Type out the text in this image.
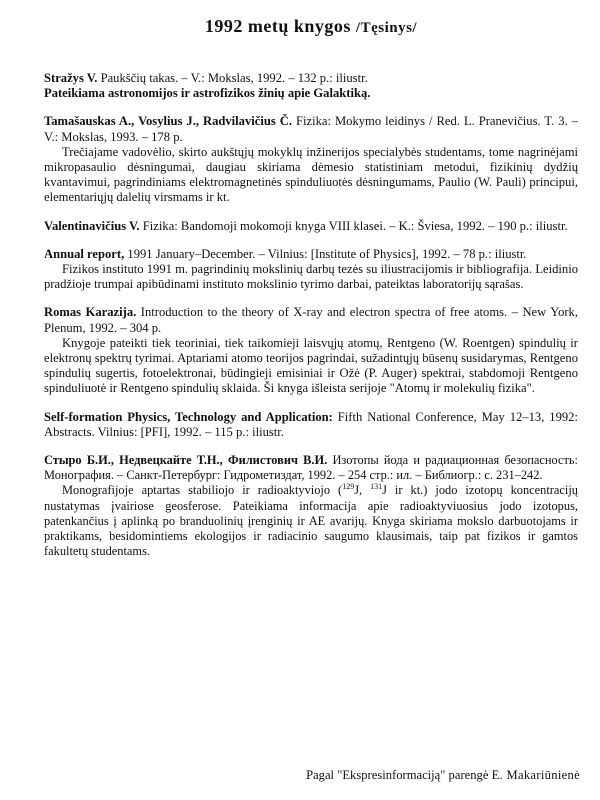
1992 metų knygos /Tęsinys/

Stražys V. Paukščių takas. – V.: Mokslas, 1992. – 132 p.: iliustr.

Pateikiama astronomijos ir astrofizikos žinių apie Galaktiką.

Tamašauskas A., Vosylius J., Radvilavičius Č. Fizika: Mokymo leidinys / Red. L. Pranevičius. T. 3. – V.: Mokslas, 1993. – 178 p.

Trečiajame vadovėlio, skirto aukštųjų mokyklų inžinerijos specialybės studentams, tome nagrinėjami mikropasaulio dėsningumai, daugiau skiriama dėmesio statistiniam metodui, fizikinių dydžių kvantavimui, pagrindiniams elektromagnetinės spinduliuotės dėsningumams, Paulio (W. Pauli) principui, elementariųjų dalelių virsmams ir kt.

Valentinavičius V. Fizika: Bandomoji mokomoji knyga VIII klasei. – K.: Šviesa, 1992. – 190 p.: iliustr.

Annual report, 1991 January–December. – Vilnius: [Institute of Physics], 1992. – 78 p.: iliustr.

Fizikos instituto 1991 m. pagrindinių mokslinių darbų tezės su iliustracijomis ir bibliografija. Leidinio pradžioje trumpai apibūdinami instituto mokslinio tyrimo darbai, pateiktas laboratorijų sąrašas.

Romas Karazija. Introduction to the theory of X-ray and electron spectra of free atoms. – New York, Plenum, 1992. – 304 p.

Knygoje pateikti tiek teoriniai, tiek taikomieji laisvųjų atomų, Rentgeno (W. Roentgen) spindulių ir elektronų spektrų tyrimai. Aptariami atomo teorijos pagrindai, sužadintųjų būsenų susidarymas, Rentgeno spindulių sugertis, fotoelektronai, būdingieji emisiniai ir Ožė (P. Auger) spektrai, stabdomoji Rentgeno spinduliuotė ir Rentgeno spindulių sklaida. Ši knyga išleista serijoje "Atomų ir molekulių fizika".

Self-formation Physics, Technology and Application: Fifth National Conference, May 12–13, 1992: Abstracts. Vilnius: [PFI], 1992. – 115 p.: iliustr.

Стыро Б.И., Недвецкайте Т.Н., Филистович В.И. Изотопы йода и радиационная безопасность: Монография. – Санкт-Петербург: Гидрометиздат, 1992. – 254 стр.: ил. – Библиогр.: с. 231–242.

Monografijoje aptartas stabiliojo ir radioaktyviojo ($^{129}$J, $^{131}$J ir kt.) jodo izotopų koncentracijų nustatymas įvairiose geosferose. Pateikiama informacija apie radioaktyviuosius jodo izotopus, patenkančius į aplinką po branduolinių įrenginių ir AE avarijų. Knyga skiriama mokslo darbuotojams ir praktikams, besidomintiems ekologijos ir radiacinio saugumo klausimais, taip pat fizikos ir gamtos fakultetų studentams.

Pagal "Ekspresinformaciją" parengė E. Makariūnienė
